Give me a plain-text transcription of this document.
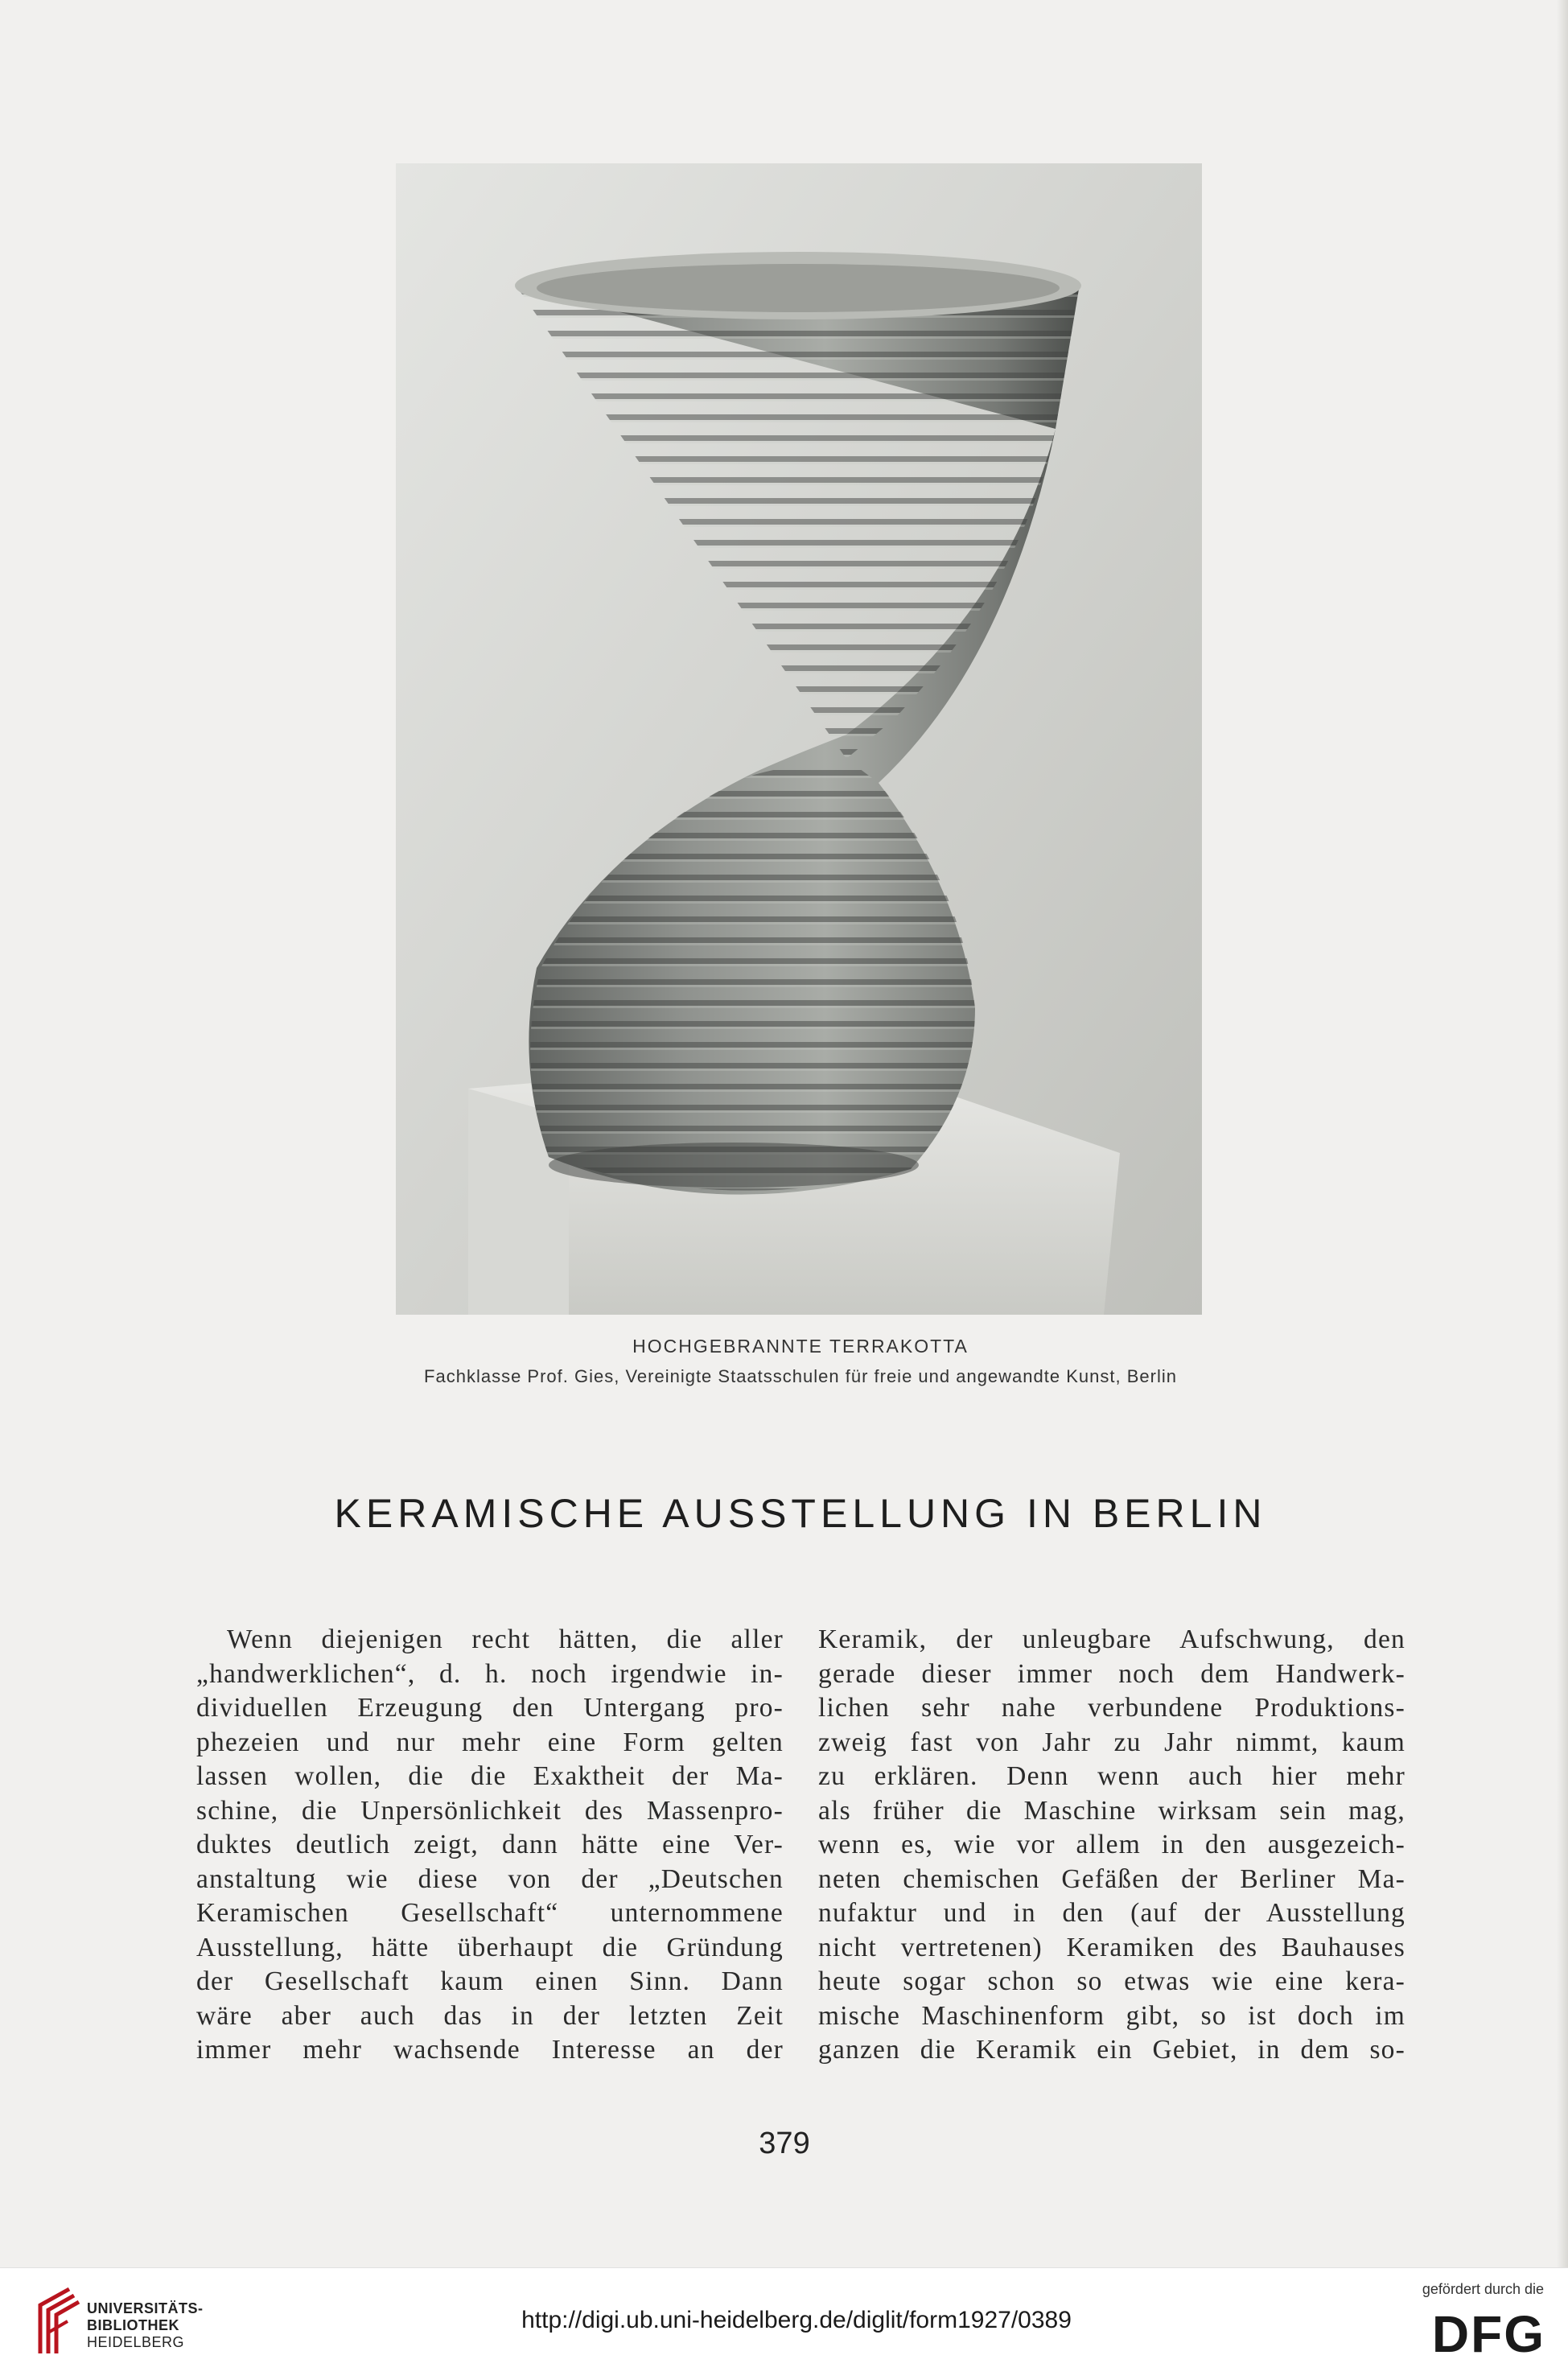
HOCHGEBRANNTE TERRAKOTTA
Fachklasse Prof. Gies, Vereinigte Staatsschulen für freie und angewandte Kunst, Berlin
KERAMISCHE AUSSTELLUNG IN BERLIN
Wenn diejenigen recht hätten, die aller
„handwerklichen“, d. h. noch irgendwie in-
dividuellen Erzeugung den Untergang pro-
phezeien und nur mehr eine Form gelten
lassen wollen, die die Exaktheit der Ma-
schine, die Unpersönlichkeit des Massenpro-
duktes deutlich zeigt, dann hätte eine Ver-
anstaltung wie diese von der „Deutschen
Keramischen Gesellschaft“ unternommene
Ausstellung, hätte überhaupt die Gründung
der Gesellschaft kaum einen Sinn. Dann
wäre aber auch das in der letzten Zeit
immer mehr wachsende Interesse an der
Keramik, der unleugbare Aufschwung, den
gerade dieser immer noch dem Handwerk-
lichen sehr nahe verbundene Produktions-
zweig fast von Jahr zu Jahr nimmt, kaum
zu erklären. Denn wenn auch hier mehr
als früher die Maschine wirksam sein mag,
wenn es, wie vor allem in den ausgezeich-
neten chemischen Gefäßen der Berliner Ma-
nufaktur und in den (auf der Ausstellung
nicht vertretenen) Keramiken des Bauhauses
heute sogar schon so etwas wie eine kera-
mische Maschinenform gibt, so ist doch im
ganzen die Keramik ein Gebiet, in dem so-
379
UNIVERSITÄTS-
BIBLIOTHEK
HEIDELBERG
http://digi.ub.uni-heidelberg.de/diglit/form1927/0389
gefördert durch die
DFG
